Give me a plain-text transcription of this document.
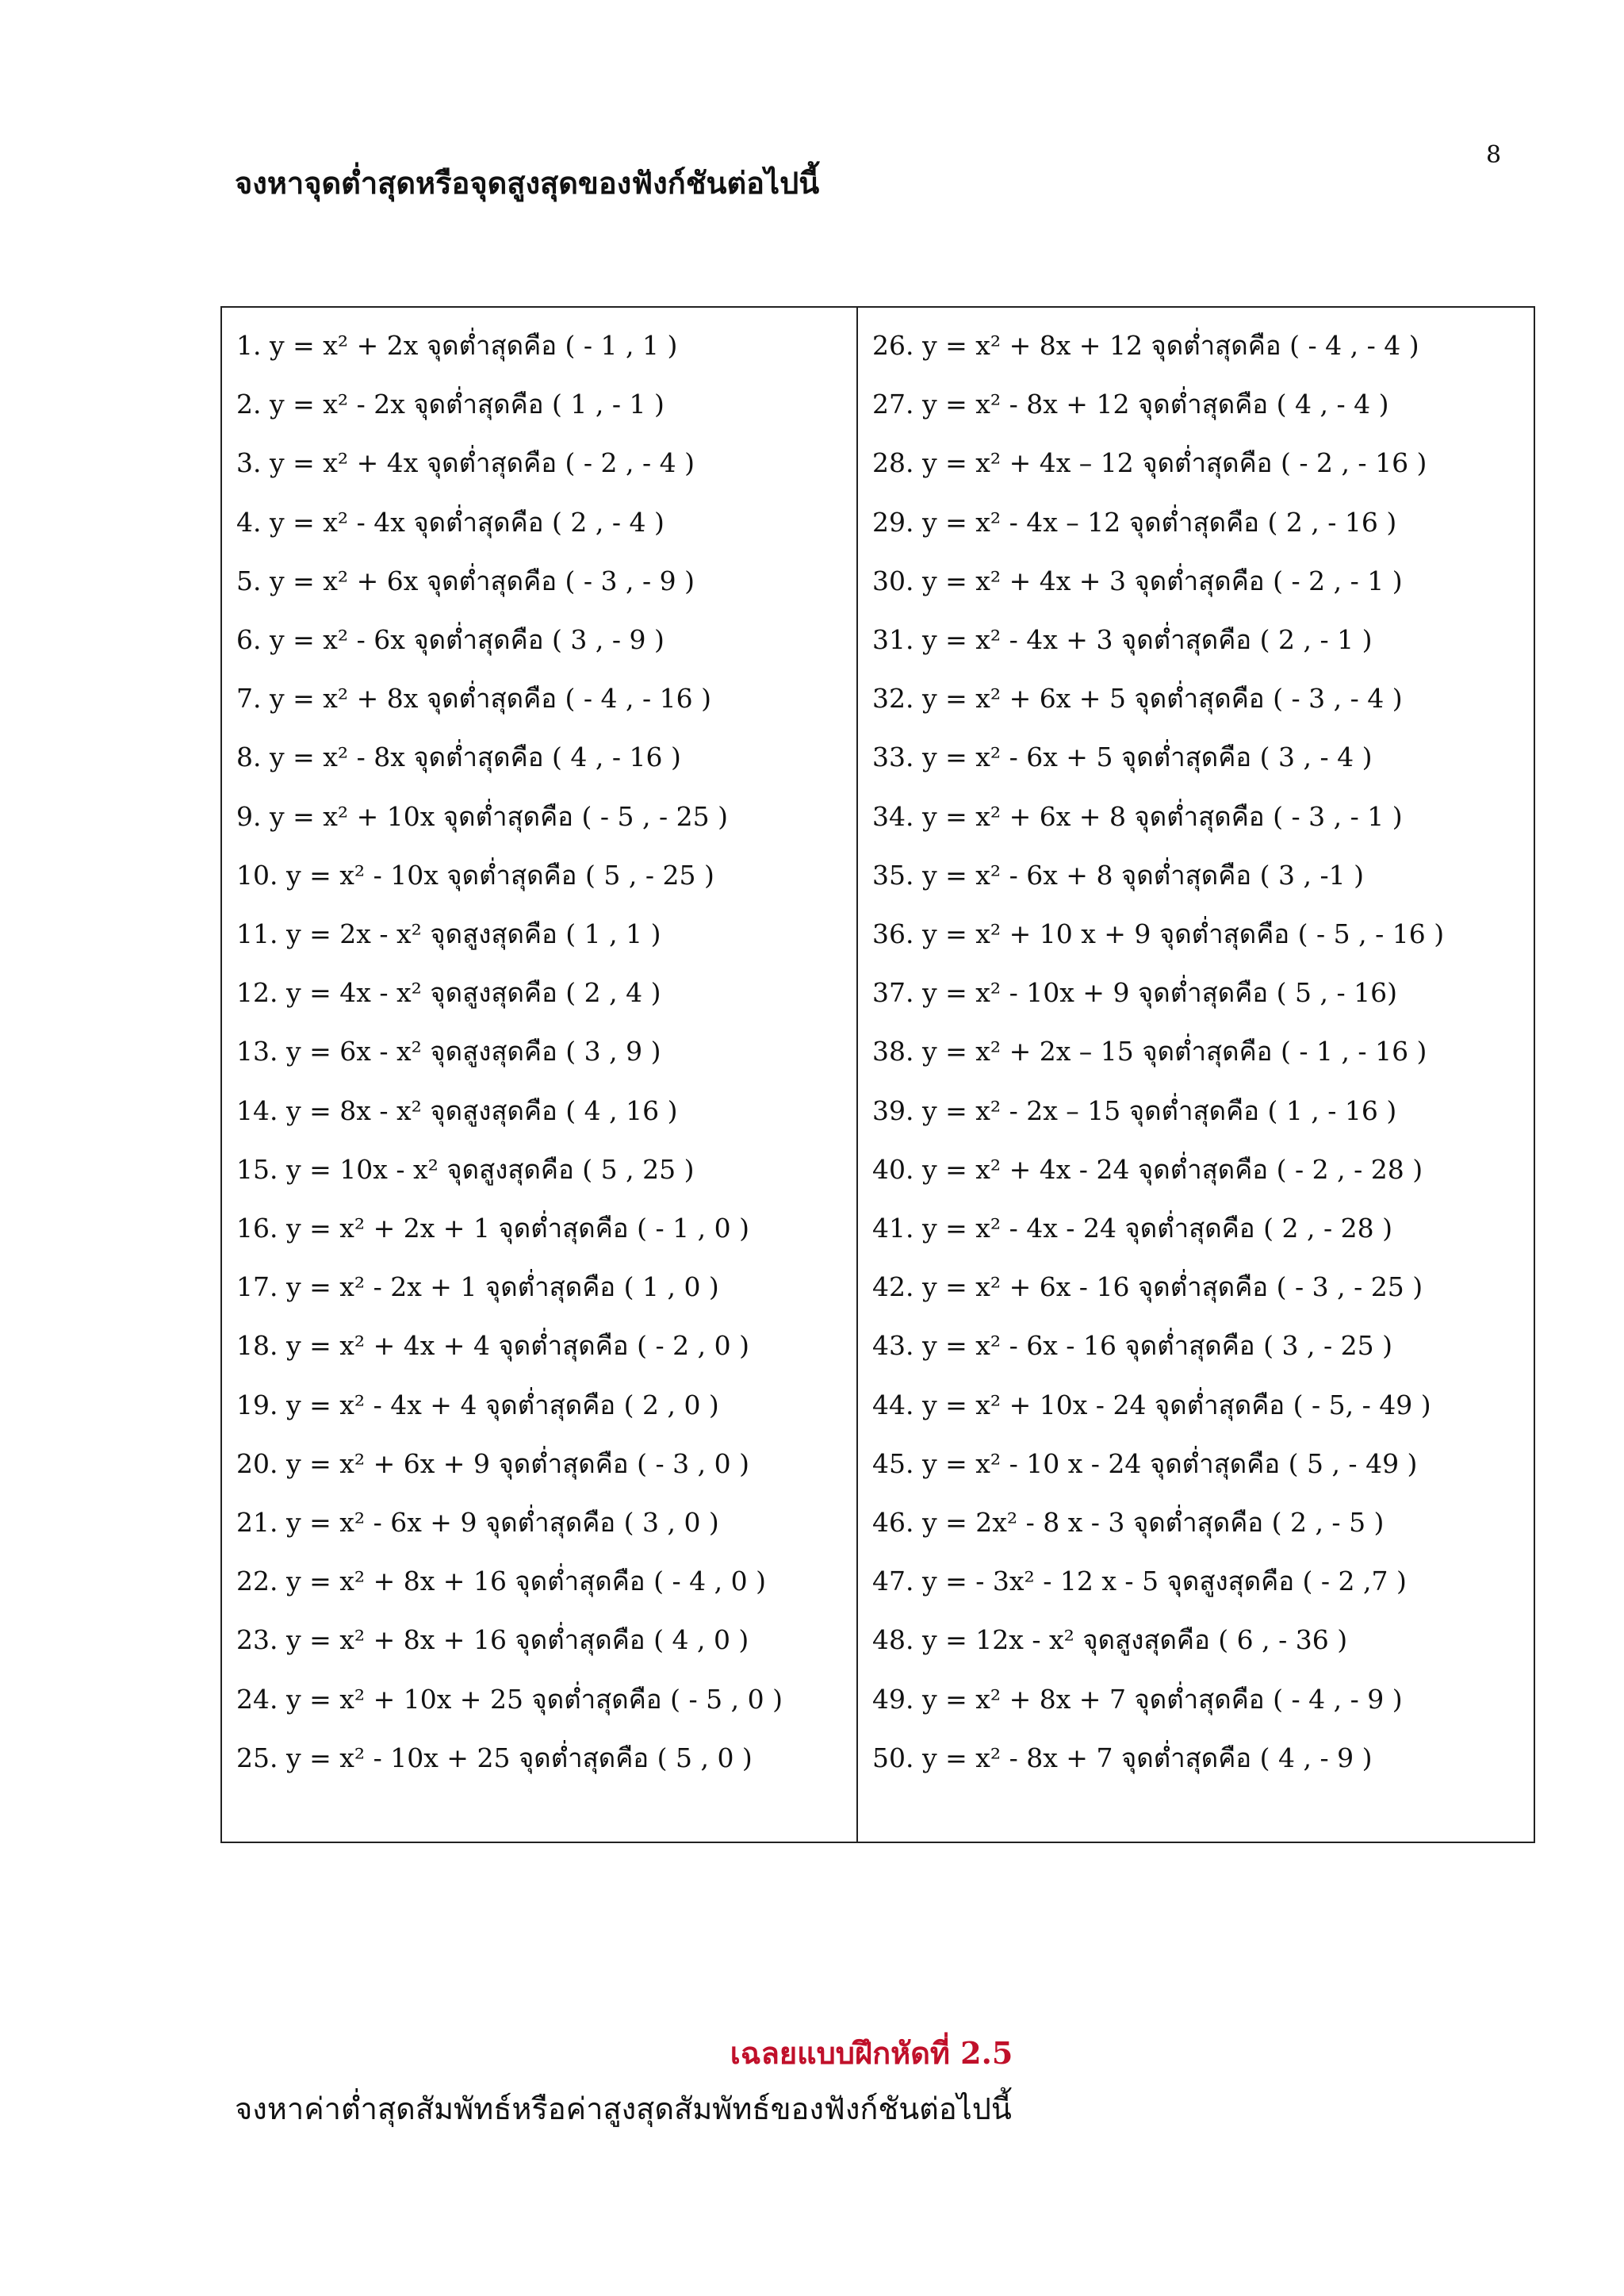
8
จงหาจุดต่ำสุดหรือจุดสูงสุดของฟังก์ชันต่อไปนี้
1. y = x² + 2x จุดต่ำสุดคือ ( - 1 , 1 )
2. y = x² - 2x จุดต่ำสุดคือ ( 1 , - 1 )
3. y = x² + 4x จุดต่ำสุดคือ ( - 2 , - 4 )
4. y = x² - 4x จุดต่ำสุดคือ ( 2 , - 4 )
5. y = x² + 6x จุดต่ำสุดคือ ( - 3 , - 9 )
6. y = x² - 6x จุดต่ำสุดคือ ( 3 , - 9 )
7. y = x² + 8x จุดต่ำสุดคือ ( - 4 , - 16 )
8. y = x² - 8x จุดต่ำสุดคือ ( 4 , - 16 )
9. y = x² + 10x จุดต่ำสุดคือ ( - 5 , - 25 )
10. y = x² - 10x จุดต่ำสุดคือ ( 5 , - 25 )
11. y = 2x - x² จุดสูงสุดคือ ( 1 , 1 )
12. y = 4x - x² จุดสูงสุดคือ ( 2 , 4 )
13. y = 6x - x² จุดสูงสุดคือ ( 3 , 9 )
14. y = 8x - x² จุดสูงสุดคือ ( 4 , 16 )
15. y = 10x - x² จุดสูงสุดคือ ( 5 , 25 )
16. y = x² + 2x + 1 จุดต่ำสุดคือ ( - 1 , 0 )
17. y = x² - 2x + 1 จุดต่ำสุดคือ ( 1 , 0 )
18. y = x² + 4x + 4 จุดต่ำสุดคือ ( - 2 , 0 )
19. y = x² - 4x + 4 จุดต่ำสุดคือ ( 2 , 0 )
20. y = x² + 6x + 9 จุดต่ำสุดคือ ( - 3 , 0 )
21. y = x² - 6x + 9 จุดต่ำสุดคือ ( 3 , 0 )
22. y = x² + 8x + 16 จุดต่ำสุดคือ ( - 4 , 0 )
23. y = x² + 8x + 16 จุดต่ำสุดคือ ( 4 , 0 )
24. y = x² + 10x + 25 จุดต่ำสุดคือ ( - 5 , 0 )
25. y = x² - 10x + 25 จุดต่ำสุดคือ ( 5 , 0 )
26. y = x² + 8x + 12 จุดต่ำสุดคือ ( - 4 , - 4 )
27. y = x² - 8x + 12 จุดต่ำสุดคือ ( 4 , - 4 )
28. y = x² + 4x – 12 จุดต่ำสุดคือ ( - 2 , - 16 )
29. y = x² - 4x – 12 จุดต่ำสุดคือ ( 2 , - 16 )
30. y = x² + 4x + 3 จุดต่ำสุดคือ ( - 2 , - 1 )
31. y = x² - 4x + 3 จุดต่ำสุดคือ ( 2 , - 1 )
32. y = x² + 6x + 5 จุดต่ำสุดคือ ( - 3 , - 4 )
33. y = x² - 6x + 5 จุดต่ำสุดคือ ( 3 , - 4 )
34. y = x² + 6x + 8 จุดต่ำสุดคือ ( - 3 , - 1 )
35. y = x² - 6x + 8 จุดต่ำสุดคือ ( 3 , -1 )
36. y = x² + 10 x + 9 จุดต่ำสุดคือ ( - 5 , - 16 )
37. y = x² - 10x + 9 จุดต่ำสุดคือ ( 5 , - 16)
38. y = x² + 2x – 15 จุดต่ำสุดคือ ( - 1 , - 16 )
39. y = x² - 2x – 15 จุดต่ำสุดคือ ( 1 , - 16 )
40. y = x² + 4x - 24 จุดต่ำสุดคือ ( - 2 , - 28 )
41. y = x² - 4x - 24 จุดต่ำสุดคือ ( 2 , - 28 )
42. y = x² + 6x - 16 จุดต่ำสุดคือ ( - 3 , - 25 )
43. y = x² - 6x - 16 จุดต่ำสุดคือ ( 3 , - 25 )
44. y = x² + 10x - 24 จุดต่ำสุดคือ ( - 5, - 49 )
45. y = x² - 10 x - 24 จุดต่ำสุดคือ ( 5 , - 49 )
46. y = 2x² - 8 x - 3 จุดต่ำสุดคือ ( 2 , - 5 )
47. y = - 3x² - 12 x - 5 จุดสูงสุดคือ ( - 2 ,7 )
48. y = 12x - x² จุดสูงสุดคือ ( 6 , - 36 )
49. y = x² + 8x + 7 จุดต่ำสุดคือ ( - 4 , - 9 )
50. y = x² - 8x + 7 จุดต่ำสุดคือ ( 4 , - 9 )
เฉลยแบบฝึกหัดที่ 2.5
จงหาค่าต่ำสุดสัมพัทธ์หรือค่าสูงสุดสัมพัทธ์ของฟังก์ชันต่อไปนี้
